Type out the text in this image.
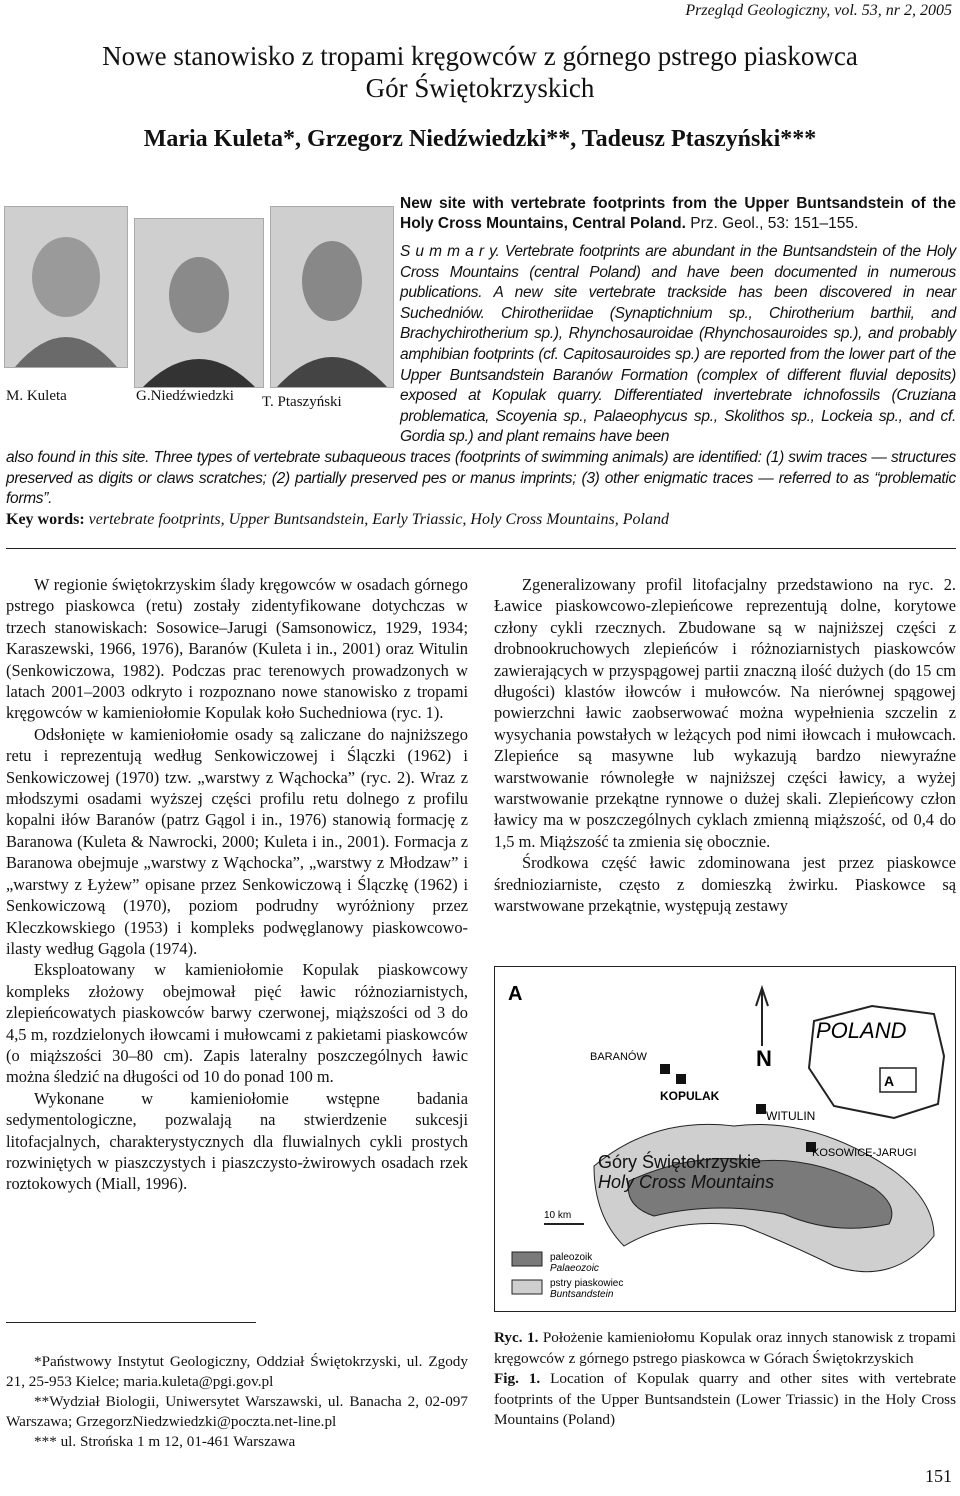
Przegląd Geologiczny, vol. 53, nr 2, 2005
Nowe stanowisko z tropami kręgowców z górnego pstrego piaskowca
Gór Świętokrzyskich
Maria Kuleta*, Grzegorz Niedźwiedzki**, Tadeusz Ptaszyński***
M. Kuleta	G.Niedźwiedzki T. Ptaszyński
New site with vertebrate footprints from the Upper Buntsandstein of the Holy Cross Mountains, Central Poland. Prz. Geol., 53: 151–155.
S u m m a r y. Vertebrate footprints are abundant in the Buntsandstein of the Holy Cross Mountains (central Poland) and have been documented in numerous publications. A new site vertebrate trackside has been discovered in near Suchedniów. Chirotheriidae (Synaptichnium sp., Chirotherium barthii, and Brachychirotherium sp.), Rhynchosauroidae (Rhynchosauroides sp.), and probably amphibian footprints (cf. Capitosauroides sp.) are reported from the lower part of the Upper Buntsandstein Baranów Formation (complex of different fluvial deposits) exposed at Kopulak quarry. Differentiated invertebrate ichnofossils (Cruziana problematica, Scoyenia sp., Palaeophycus sp., Skolithos sp., Lockeia sp., and cf. Gordia sp.) and plant remains have been
also found in this site. Three types of vertebrate subaqueous traces (footprints of swimming animals) are identified: (1) swim traces — structures preserved as digits or claws scratches; (2) partially preserved pes or manus imprints; (3) other enigmatic traces — referred to as “problematic forms”.
Key words: vertebrate footprints, Upper Buntsandstein, Early Triassic, Holy Cross Mountains, Poland

W regionie świętokrzyskim ślady kręgowców w osadach górnego pstrego piaskowca (retu) zostały zidentyfikowane dotychczas w trzech stanowiskach: Sosowice–Jarugi (Samsonowicz, 1929, 1934; Karaszewski, 1966, 1976), Baranów (Kuleta i in., 2001) oraz Witulin (Senkowiczowa, 1982). Podczas prac terenowych prowadzonych w latach 2001–2003 odkryto i rozpoznano nowe stanowisko z tropami kręgowców w kamieniołomie Kopulak koło Suchedniowa (ryc. 1).

Odsłonięte w kamieniołomie osady są zaliczane do najniższego retu i reprezentują według Senkowiczowej i Ślączki (1962) i Senkowiczowej (1970) tzw. „warstwy z Wąchocka” (ryc. 2). Wraz z młodszymi osadami wyższej części profilu retu dolnego z profilu kopalni iłów Baranów (patrz Gągol i in., 1976) stanowią formację z Baranowa (Kuleta & Nawrocki, 2000; Kuleta i in., 2001). Formacja z Baranowa obejmuje „warstwy z Wąchocka”, „warstwy z Młodzaw” i „warstwy z Łyżew” opisane przez Senkowiczową i Ślączkę (1962) i Senkowiczową (1970), poziom podrudny wyróżniony przez Kleczkowskiego (1953) i kompleks podwęglanowy piaskowcowo-ilasty według Gągola (1974).

Eksploatowany w kamieniołomie Kopulak piaskowcowy kompleks złożowy obejmował pięć ławic różnoziarnistych, zlepieńcowatych piaskowców barwy czerwonej, miąższości od 3 do 4,5 m, rozdzielonych iłowcami i mułowcami z pakietami piaskowców (o miąższości 30–80 cm). Zapis lateralny poszczególnych ławic można śledzić na długości od 10 do ponad 100 m.

Wykonane w kamieniołomie wstępne badania sedymentologiczne, pozwalają na stwierdzenie sukcesji litofacjalnych, charakterystycznych dla fluwialnych cykli prostych rozwiniętych w piaszczystych i piaszczysto-żwirowych osadach rzek roztokowych (Miall, 1996).

Zgeneralizowany profil litofacjalny przedstawiono na ryc. 2. Ławice piaskowcowo-zlepieńcowe reprezentują dolne, korytowe człony cykli rzecznych. Zbudowane są w najniższej części z drobnookruchowych zlepieńców i różnoziarnistych piaskowców zawierających w przyspągowej partii znaczną ilość dużych (do 15 cm długości) klastów iłowców i mułowców. Na nierównej spągowej powierzchni ławic zaobserwować można wypełnienia szczelin z wysychania powstałych w leżących pod nimi iłowcach i mułowcach. Zlepieńce są masywne lub wykazują bardzo niewyraźne warstwowanie równoległe w najniższej części ławicy, a wyżej warstwowanie przekątne rynnowe o dużej skali. Zlepieńcowy człon ławicy ma w poszczególnych cyklach zmienną miąższość, od 0,4 do 1,5 m. Miąższość ta zmienia się obocznie.

Środkowa część ławic zdominowana jest przez piaskowce średnioziarniste, często z domieszką żwirku. Piaskowce są warstwowane przekątnie, występują zestawy

A
N
POLAND
A
BARANÓW
KOPULAK
WITULIN
KOSOWICE-JARUGI
Góry Świętokrzyskie
Holy Cross Mountains
10 km
paleozoik
Palaeozoic
pstry piaskowiec
Buntsandstein

Ryc. 1. Położenie kamieniołomu Kopulak oraz innych stanowisk z tropami kręgowców z górnego pstrego piaskowca w Górach Świętokrzyskich

Fig. 1. Location of Kopulak quarry and other sites with vertebrate footprints of the Upper Buntsandstein (Lower Triassic) in the Holy Cross Mountains (Poland)

*Państwowy Instytut Geologiczny, Oddział Świętokrzyski, ul. Zgody 21, 25-953 Kielce; maria.kuleta@pgi.gov.pl

**Wydział Biologii, Uniwersytet Warszawski, ul. Banacha 2, 02-097 Warszawa; GrzegorzNiedzwiedzki@poczta.net-line.pl

*** ul. Strońska 1 m 12, 01-461 Warszawa

151
